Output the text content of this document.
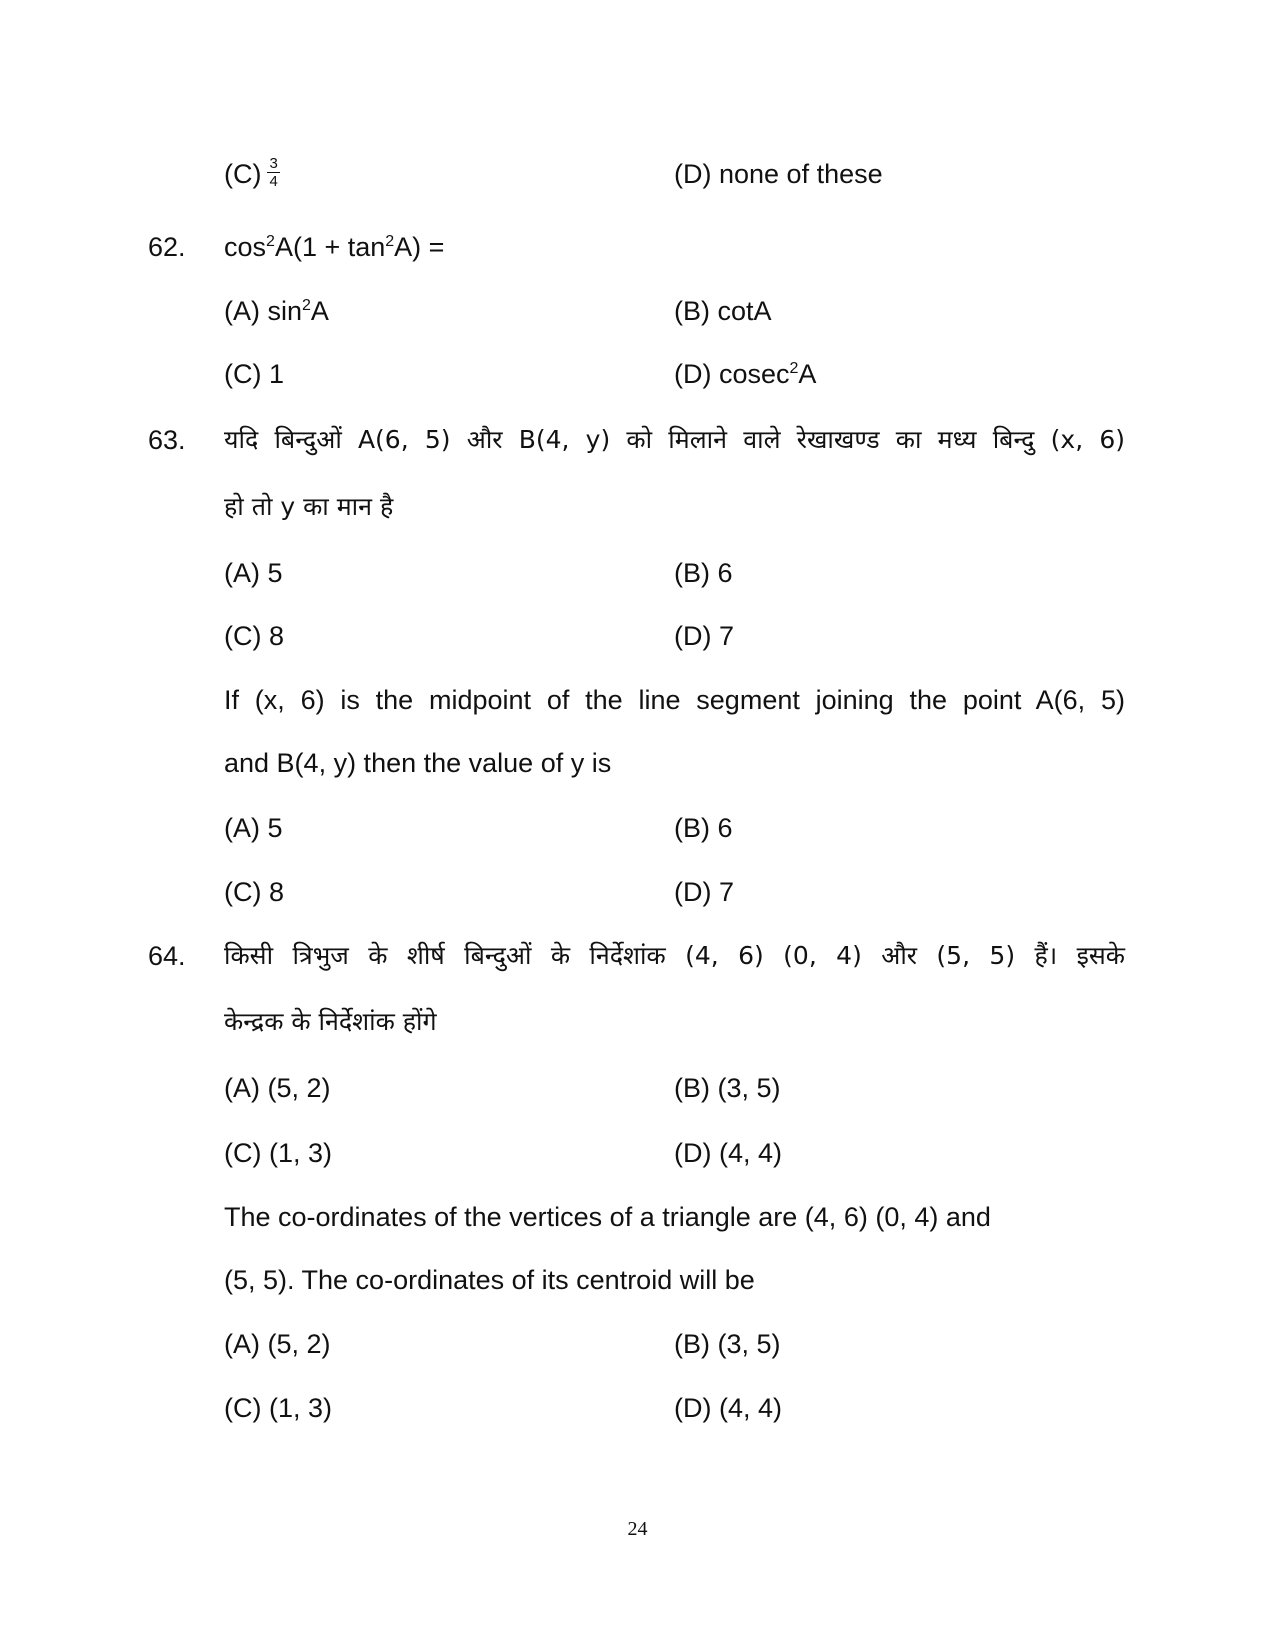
$(C) \frac{3}{4}$	(D) none of these
62. $\cos^2A(1 + \tan^2A)$ =
(A) $\sin^2A$	(B) cotA
(C) 1	(D) cosec$^2$A
63. यदि बिन्दुओं A(6, 5) और B(4, y) को मिलाने वाले रेखाखण्ड का मध्य बिन्दु (x, 6)
हो तो y का मान है
(A) 5	(B) 6
(C) 8	(D) 7
If (x, 6) is the midpoint of the line segment joining the point A(6, 5)
and B(4, y) then the value of y is
(A) 5	(B) 6
(C) 8	(D) 7
64. किसी त्रिभुज के शीर्ष बिन्दुओं के निर्देशांक (4, 6) (0, 4) और (5, 5) हैं। इसके
केन्द्रक के निर्देशांक होंगे
(A) (5, 2)	(B) (3, 5)
(C) (1, 3)	(D) (4, 4)
The co-ordinates of the vertices of a triangle are (4, 6) (0, 4) and
(5, 5). The co-ordinates of its centroid will be
(A) (5, 2)	(B) (3, 5)
(C) (1, 3)	(D) (4, 4)
24
